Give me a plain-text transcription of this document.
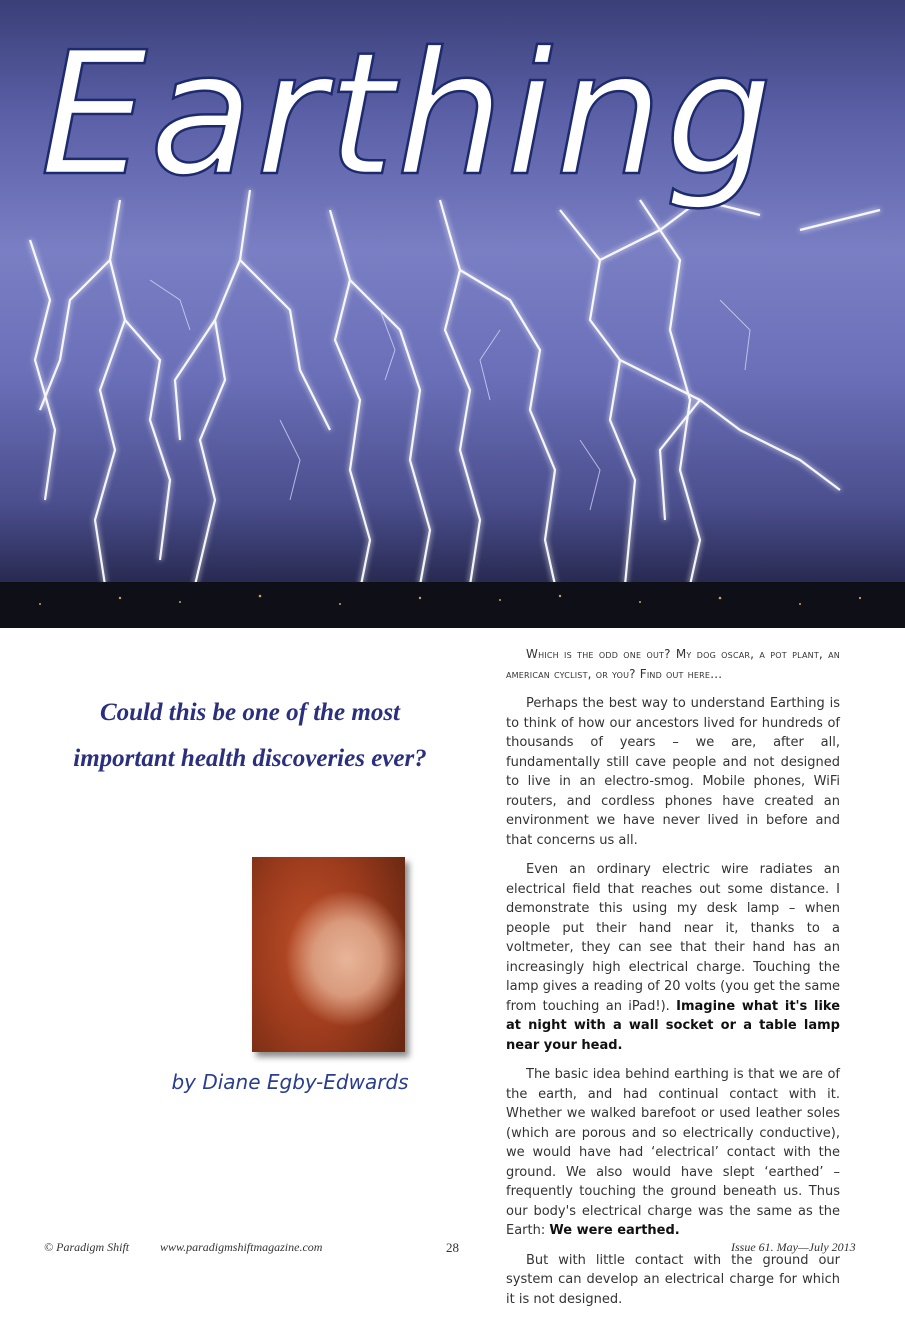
Earthing
Could this be one of the most
important health discoveries ever?
by Diane Egby-Edwards

Which is the odd one out? My dog oscar, a pot plant, an american cyclist, or you? Find out here…

Perhaps the best way to understand Earthing is to think of how our ancestors lived for hundreds of thousands of years – we are, after all, fundamentally still cave people and not designed to live in an electro-smog. Mobile phones, WiFi routers, and cordless phones have created an environment we have never lived in before and that concerns us all.

Even an ordinary electric wire radiates an electrical field that reaches out some distance. I demonstrate this using my desk lamp – when people put their hand near it, thanks to a voltmeter, they can see that their hand has an increasingly high electrical charge. Touching the lamp gives a reading of 20 volts (you get the same from touching an iPad!). Imagine what it's like at night with a wall socket or a table lamp near your head.

The basic idea behind earthing is that we are of the earth, and had continual contact with it. Whether we walked barefoot or used leather soles (which are porous and so electrically conductive), we would have had ‘electrical’ contact with the ground. We also would have slept ‘earthed’ – frequently touching the ground beneath us. Thus our body's electrical charge was the same as the Earth: We were earthed.

But with little contact with the ground our system can develop an electrical charge for which it is not designed.

© Paradigm Shift	www.paradigmshiftmagazine.com	28	Issue 61. May—July 2013
